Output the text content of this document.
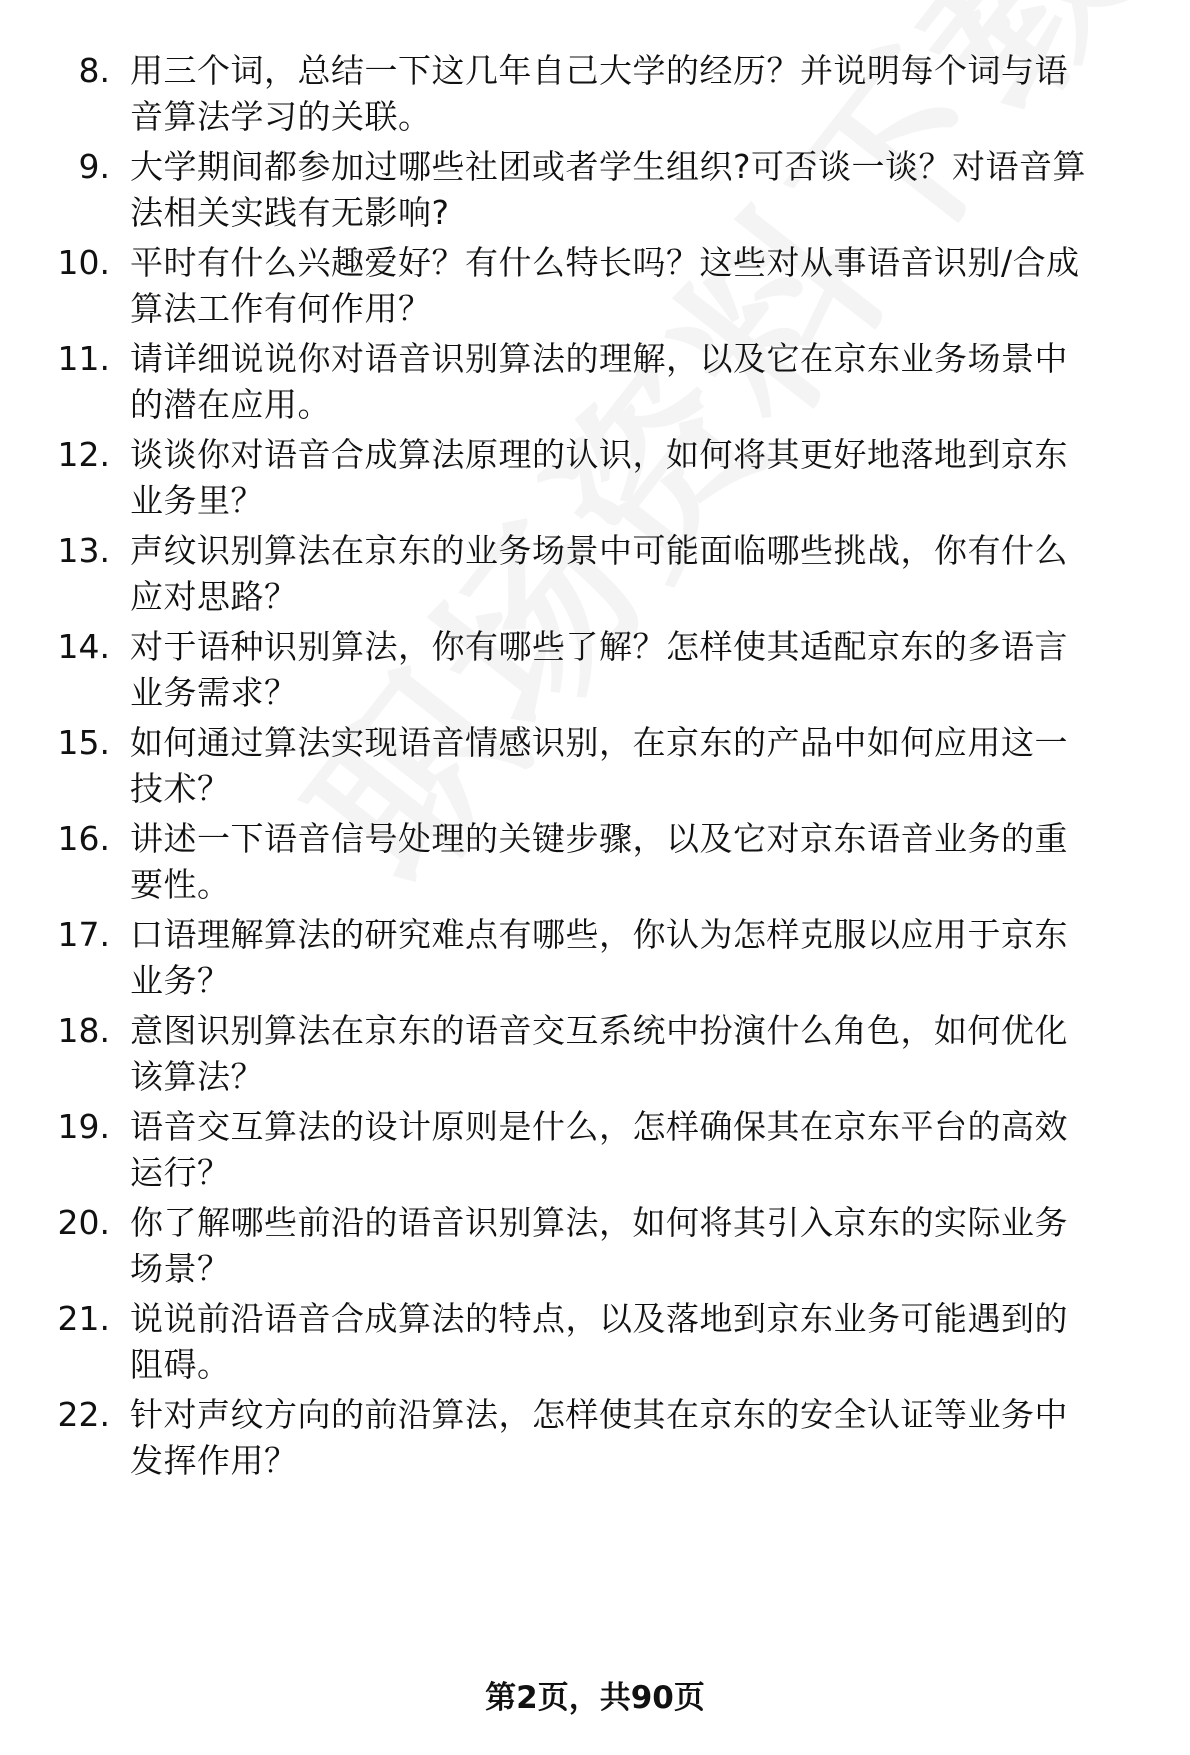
8. 用三个词，总结一下这几年自己大学的经历？并说明每个词与语
音算法学习的关联。
9. 大学期间都参加过哪些社团或者学生组织?可否谈一谈？对语音算
法相关实践有无影响?
10. 平时有什么兴趣爱好？有什么特长吗？这些对从事语音识别/合成
算法工作有何作用？
11. 请详细说说你对语音识别算法的理解，以及它在京东业务场景中
的潜在应用。
12. 谈谈你对语音合成算法原理的认识，如何将其更好地落地到京东
业务里？
13. 声纹识别算法在京东的业务场景中可能面临哪些挑战，你有什么
应对思路？
14. 对于语种识别算法，你有哪些了解？怎样使其适配京东的多语言
业务需求？
15. 如何通过算法实现语音情感识别，在京东的产品中如何应用这一
技术？
16. 讲述一下语音信号处理的关键步骤，以及它对京东语音业务的重
要性。
17. 口语理解算法的研究难点有哪些，你认为怎样克服以应用于京东
业务？
18. 意图识别算法在京东的语音交互系统中扮演什么角色，如何优化
该算法？
19. 语音交互算法的设计原则是什么，怎样确保其在京东平台的高效
运行？
20. 你了解哪些前沿的语音识别算法，如何将其引入京东的实际业务
场景？
21. 说说前沿语音合成算法的特点，以及落地到京东业务可能遇到的
阻碍。
22. 针对声纹方向的前沿算法，怎样使其在京东的安全认证等业务中
发挥作用？
第2页，共90页
